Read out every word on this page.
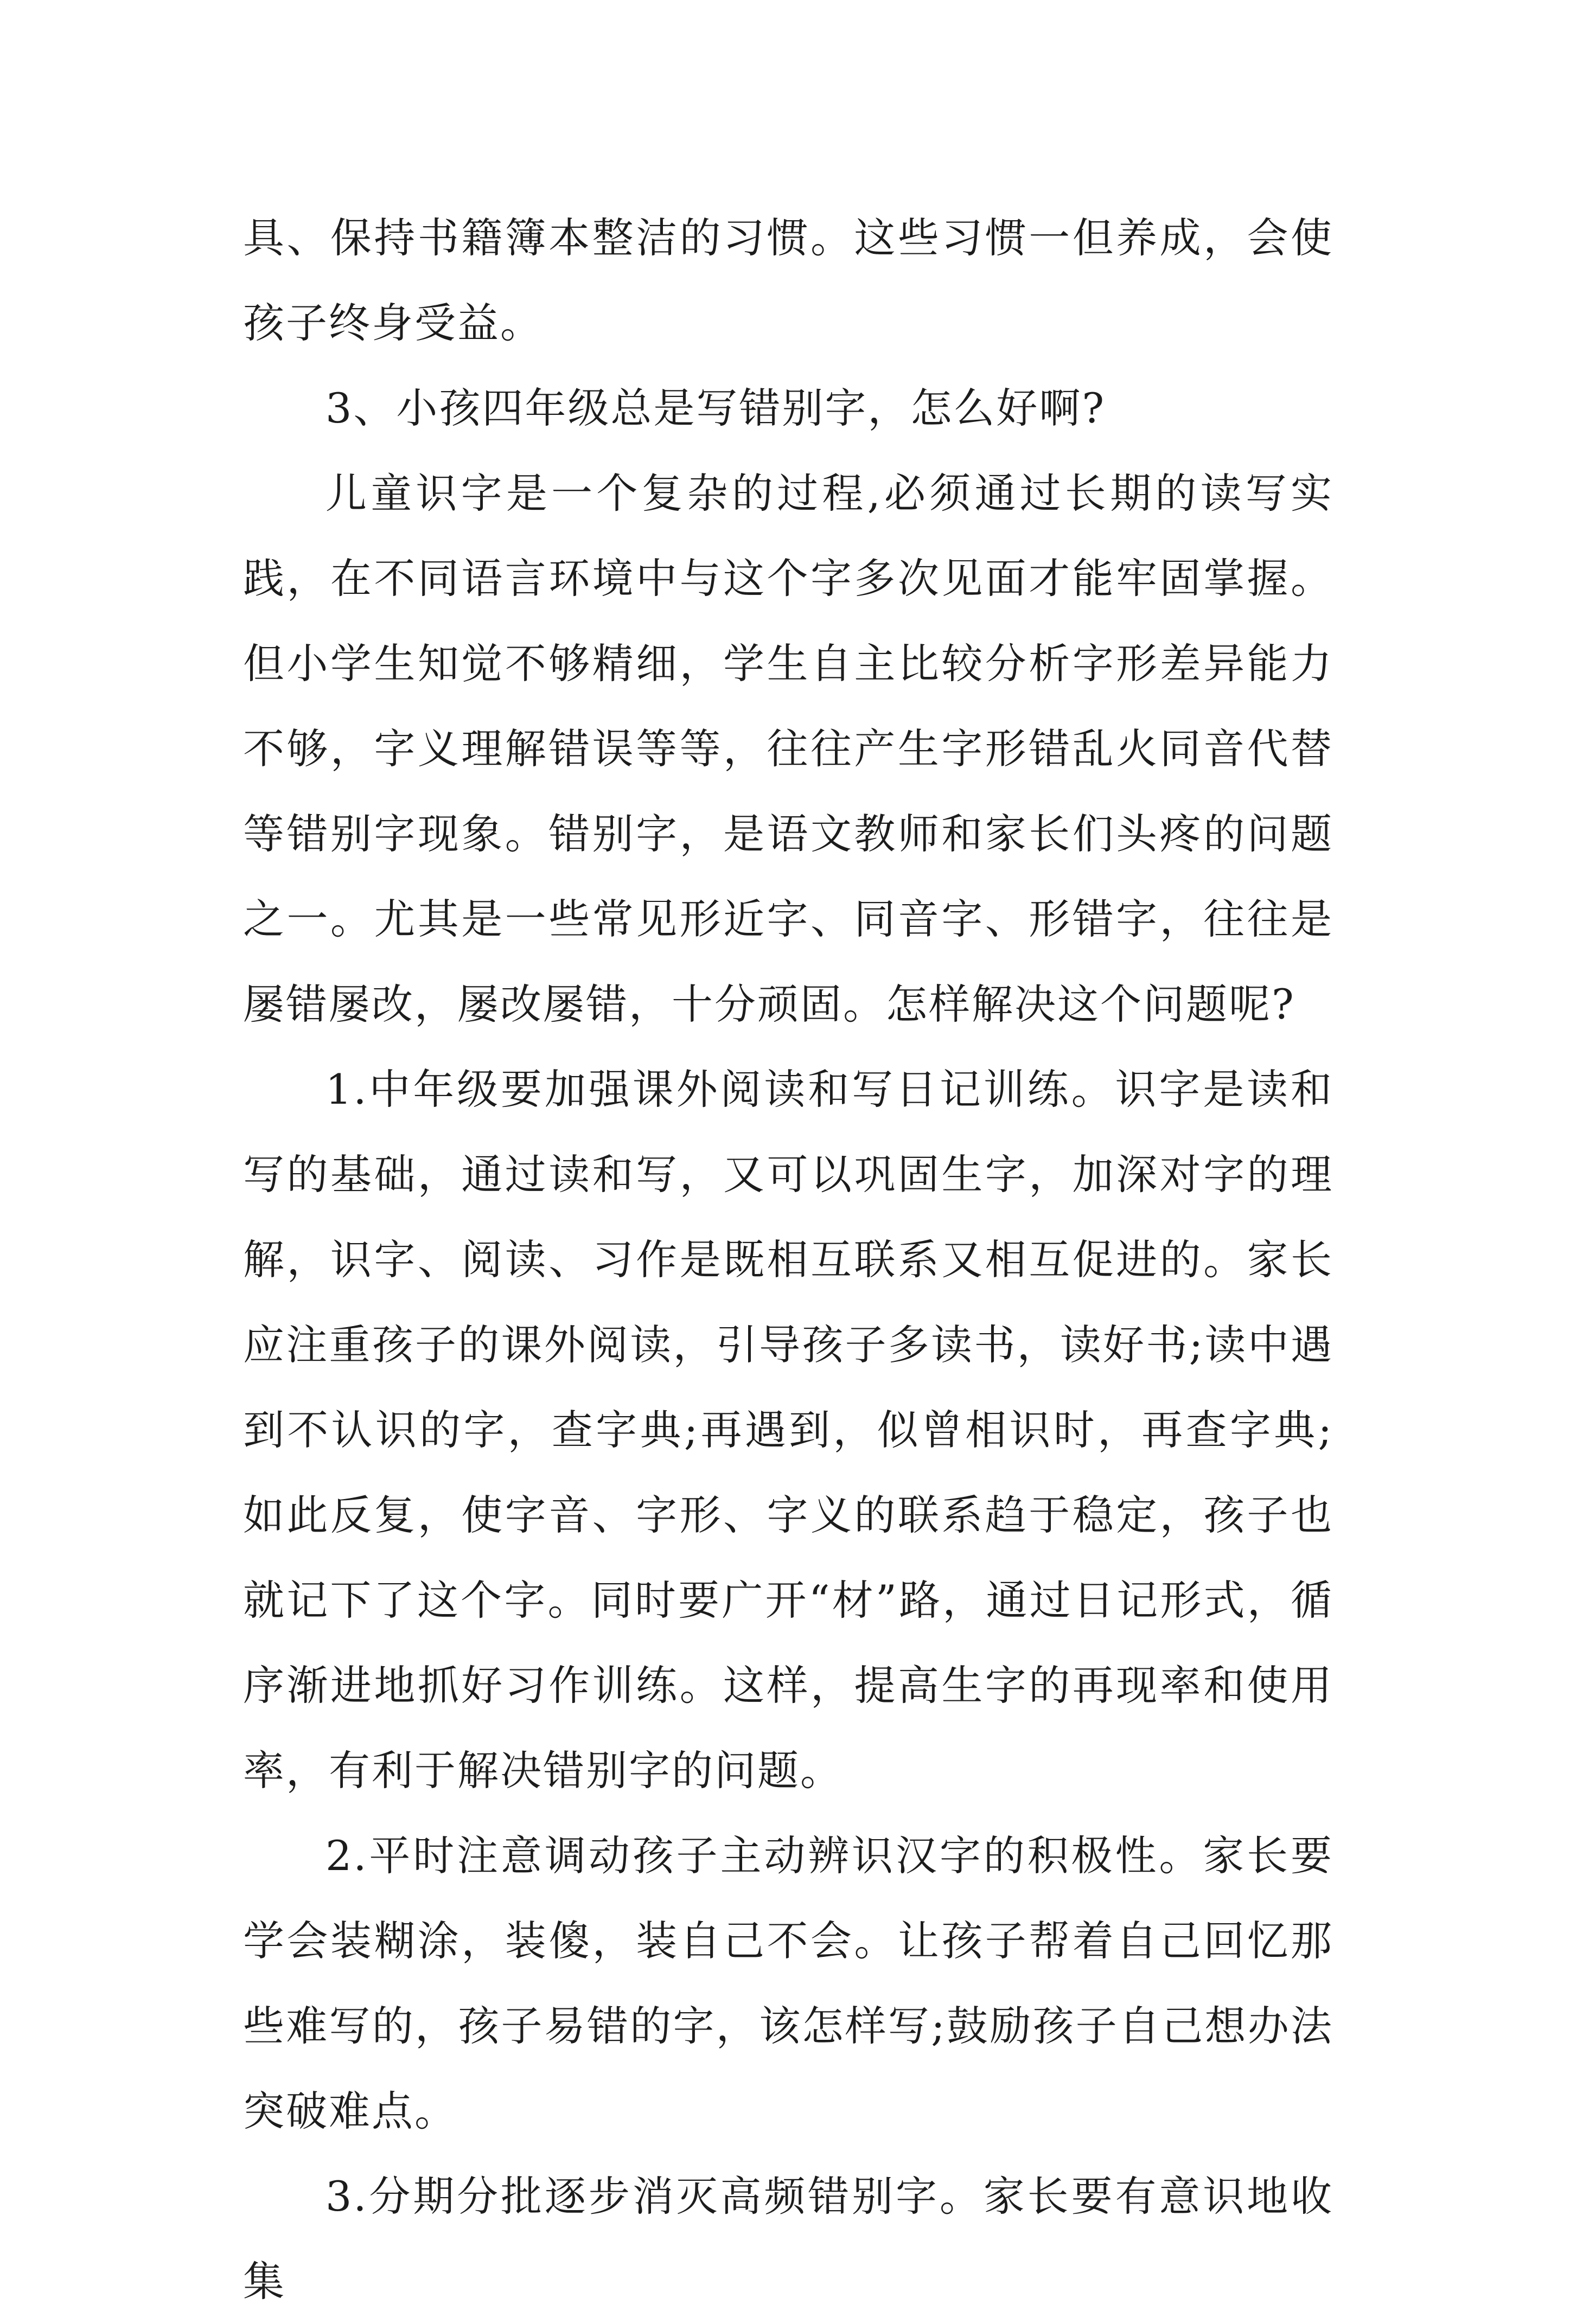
具、保持书籍簿本整洁的习惯。这些习惯一但养成，会使孩子终身受益。

3、小孩四年级总是写错别字，怎么好啊?

儿童识字是一个复杂的过程,必须通过长期的读写实践，在不同语言环境中与这个字多次见面才能牢固掌握。但小学生知觉不够精细，学生自主比较分析字形差异能力不够，字义理解错误等等，往往产生字形错乱火同音代替等错别字现象。错别字，是语文教师和家长们头疼的问题之一。尤其是一些常见形近字、同音字、形错字，往往是屡错屡改，屡改屡错，十分顽固。怎样解决这个问题呢?

1.中年级要加强课外阅读和写日记训练。识字是读和写的基础，通过读和写，又可以巩固生字，加深对字的理解，识字、阅读、习作是既相互联系又相互促进的。家长应注重孩子的课外阅读，引导孩子多读书，读好书;读中遇到不认识的字，查字典;再遇到，似曾相识时，再查字典;如此反复，使字音、字形、字义的联系趋于稳定，孩子也就记下了这个字。同时要广开“材”路，通过日记形式，循序渐进地抓好习作训练。这样，提高生字的再现率和使用率，有利于解决错别字的问题。

2.平时注意调动孩子主动辨识汉字的积极性。家长要学会装糊涂，装傻，装自己不会。让孩子帮着自己回忆那些难写的，孩子易错的字，该怎样写;鼓励孩子自己想办法突破难点。

3.分期分批逐步消灭高频错别字。家长要有意识地收集
